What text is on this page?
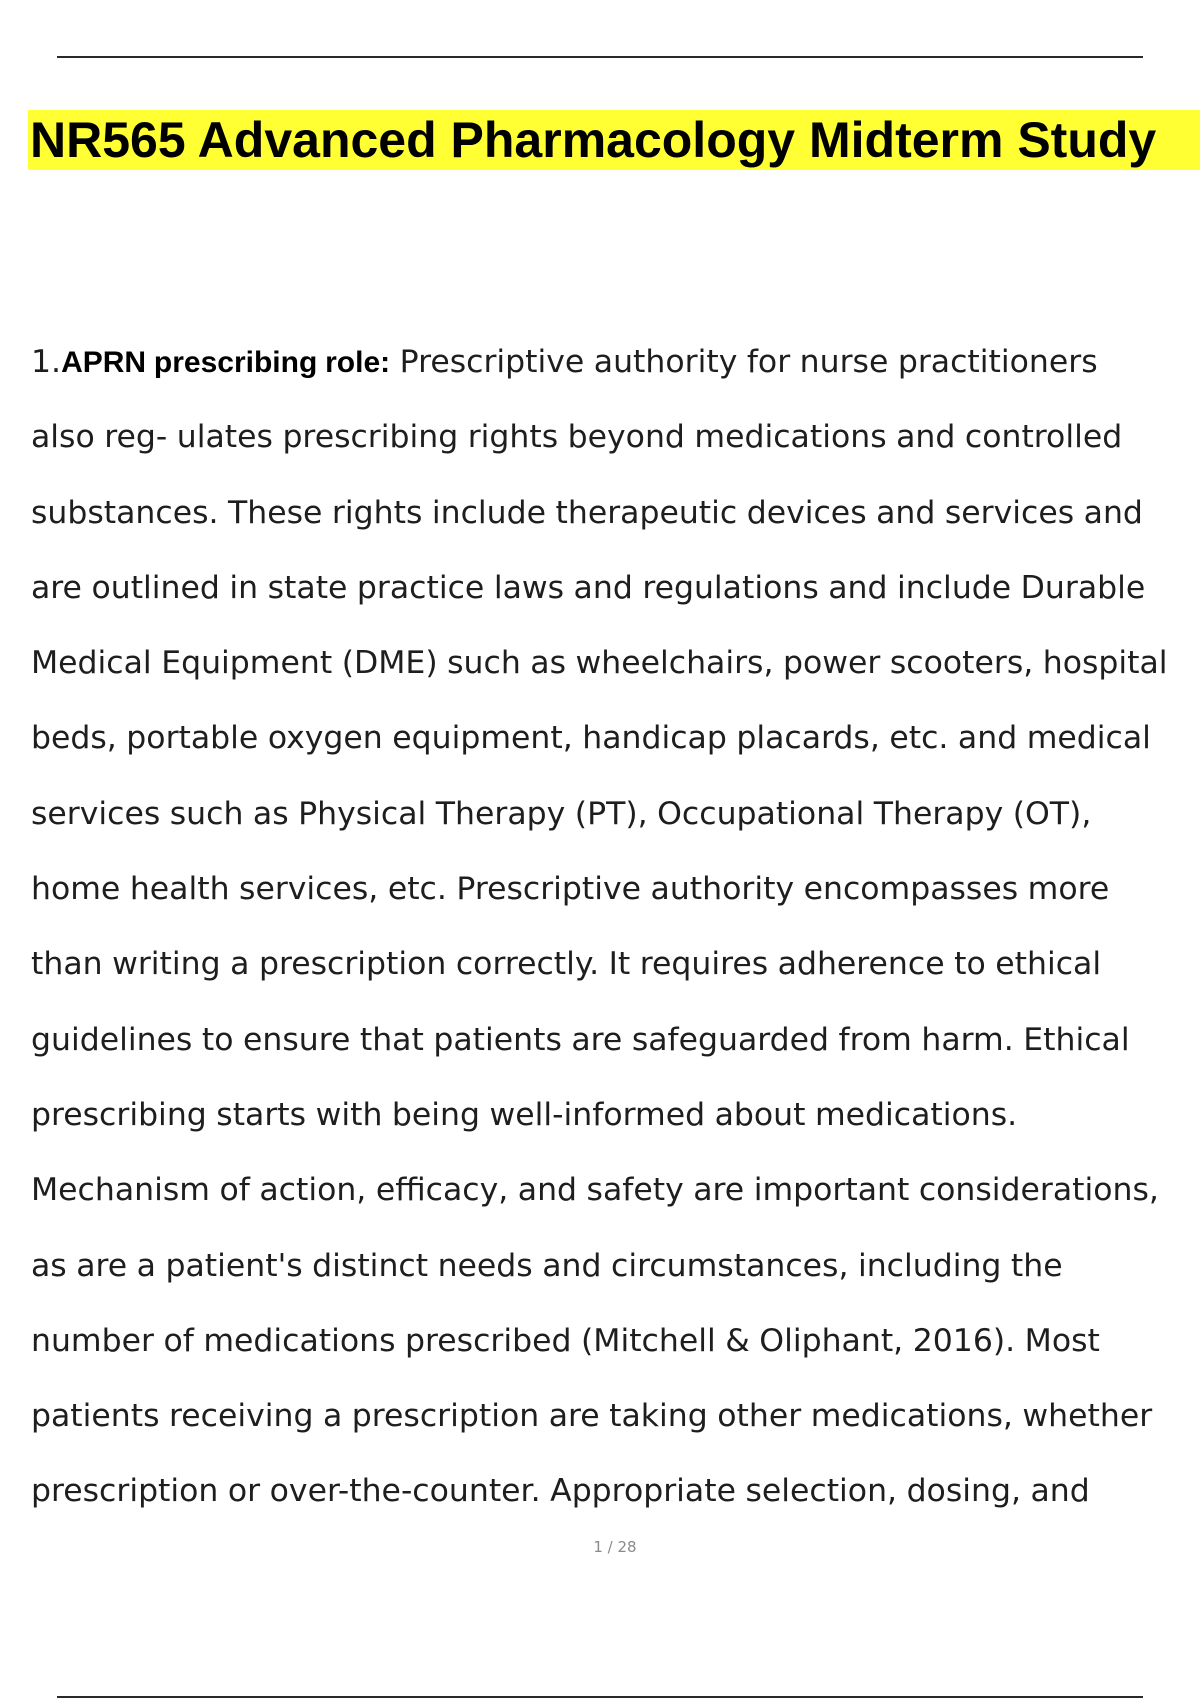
NR565 Advanced Pharmacology Midterm Study
1.APRN prescribing role: Prescriptive authority for nurse practitioners
also reg- ulates prescribing rights beyond medications and controlled
substances. These rights include therapeutic devices and services and
are outlined in state practice laws and regulations and include Durable
Medical Equipment (DME) such as wheelchairs, power scooters, hospital
beds, portable oxygen equipment, handicap placards, etc. and medical
services such as Physical Therapy (PT), Occupational Therapy (OT),
home health services, etc. Prescriptive authority encompasses more
than writing a prescription correctly. It requires adherence to ethical
guidelines to ensure that patients are safeguarded from harm. Ethical
prescribing starts with being well-informed about medications.
Mechanism of action, efficacy, and safety are important considerations,
as are a patient's distinct needs and circumstances, including the
number of medications prescribed (Mitchell & Oliphant, 2016). Most
patients receiving a prescription are taking other medications, whether
prescription or over-the-counter. Appropriate selection, dosing, and
1 / 28
